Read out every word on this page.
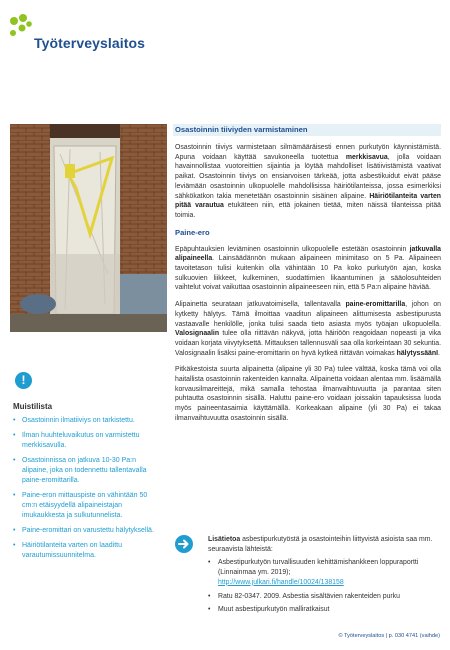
Työterveyslaitos
!
Muistilista
• Osastoinnin ilmatiiviys on tarkistettu.
• Ilman huuhteluvaikutus on varmistettu merkkisavulla.
• Osastoinnissa on jatkuva 10-30 Pa:n alipaine, joka on todennettu tallentavalla paine-eromittarilla.
• Paine-eron mittauspiste on vähintään 50 cm:n etäisyydellä alipaineistajan imukaukkesta ja sulkutunnelista.
• Paine-eromittari on varustettu hälytyksellä.
• Häiriötilanteita varten on laadittu varautumissuunnitelma.
Osastoinnin tiiviyden varmistaminen

Osastoinnin tiiviys varmistetaan silmämääräisesti ennen purkutyön käynnistämistä. Apuna voidaan käyttää savukoneella tuotettua merkkisavua, jolla voidaan havainnollistaa vuotoreittien sijaintia ja löytää mahdolliset lisätiivistämistä vaativat paikat. Osastoinnin tiiviys on ensiarvoisen tärkeää, jotta asbestikuidut eivät pääse leviämään osastoinnin ulkopuolelle mahdollisissa häiriötilanteissa, jossa esimerkiksi sähkökatkon takia menetetään osastoinnin sisäinen alipaine. Häiriötilanteita varten pitää varautua etukäteen niin, että jokainen tietää, miten näissä tilanteissa pitää toimia.

Paine-ero

Epäpuhtauksien leviäminen osastoinnin ulkopuolelle estetään osastoinnin jatkuvalla alipaineella. Lainsäädännön mukaan alipaineen minimitaso on 5 Pa. Alipaineen tavoitetason tulisi kuitenkin olla vähintään 10 Pa koko purkutyön ajan, koska sulkuovien liikkeet, kulkeminen, suodattimien likaantuminen ja sääolosuhteiden vaihtelut voivat vaikuttaa osastoinnin alipaineeseen niin, että 5 Pa:n alipaine häviää.

Alipainetta seurataan jatkuvatoimisella, tallentavalla paine-eromittarilla, johon on kytketty hälytys. Tämä ilmoittaa vaaditun alipaineen alittumisesta asbestipurusta vastaavalle henkilölle, jonka tulisi saada tieto asiasta myös työajan ulkopuolella. Valosignaalin tulee olla riittävän näkyvä, jotta häiriöön reagoidaan nopeasti ja vika voidaan korjata viivytyksettä. Mittauksen tallennusväli saa olla korkeintaan 30 sekuntia. Valosignaalin lisäksi paine-eromittarin on hyvä kytkeä riittävän voimakas hälytyssäänI.

Pitkäkestoista suurta alipainetta (alipaine yli 30 Pa) tulee välttää, koska tämä voi olla haitallista osastoinnin rakenteiden kannalta. Alipainetta voidaan alentaa mm. lisäämällä korvausilmareittejä, mikä samalla tehostaa ilmanvaihtuvuutta ja parantaa siten puhtautta osastoinnin sisällä. Haluttu paine-ero voidaan joissakin tapauksissa luoda myös paineentasaimia käyttämällä. Korkeakaan alipaine (yli 30 Pa) ei takaa ilmanvaihtuvuutta osastoinnin sisällä.

Lisätietoa asbestipurkutyöstä ja osastointeihin liittyvistä asioista saa mm. seuraavista lähteistä:

• Asbestipurkutyön turvallisuuden kehittämishankkeen loppuraportti (Linnainmaa ym. 2019);
http://www.julkari.fi/handle/10024/138158
• Ratu 82-0347. 2009. Asbestia sisältävien rakenteiden purku
• Muut asbestipurkutyön malliratkaisut
© Työterveyslaitos | p. 030 4741 (vaihde)
